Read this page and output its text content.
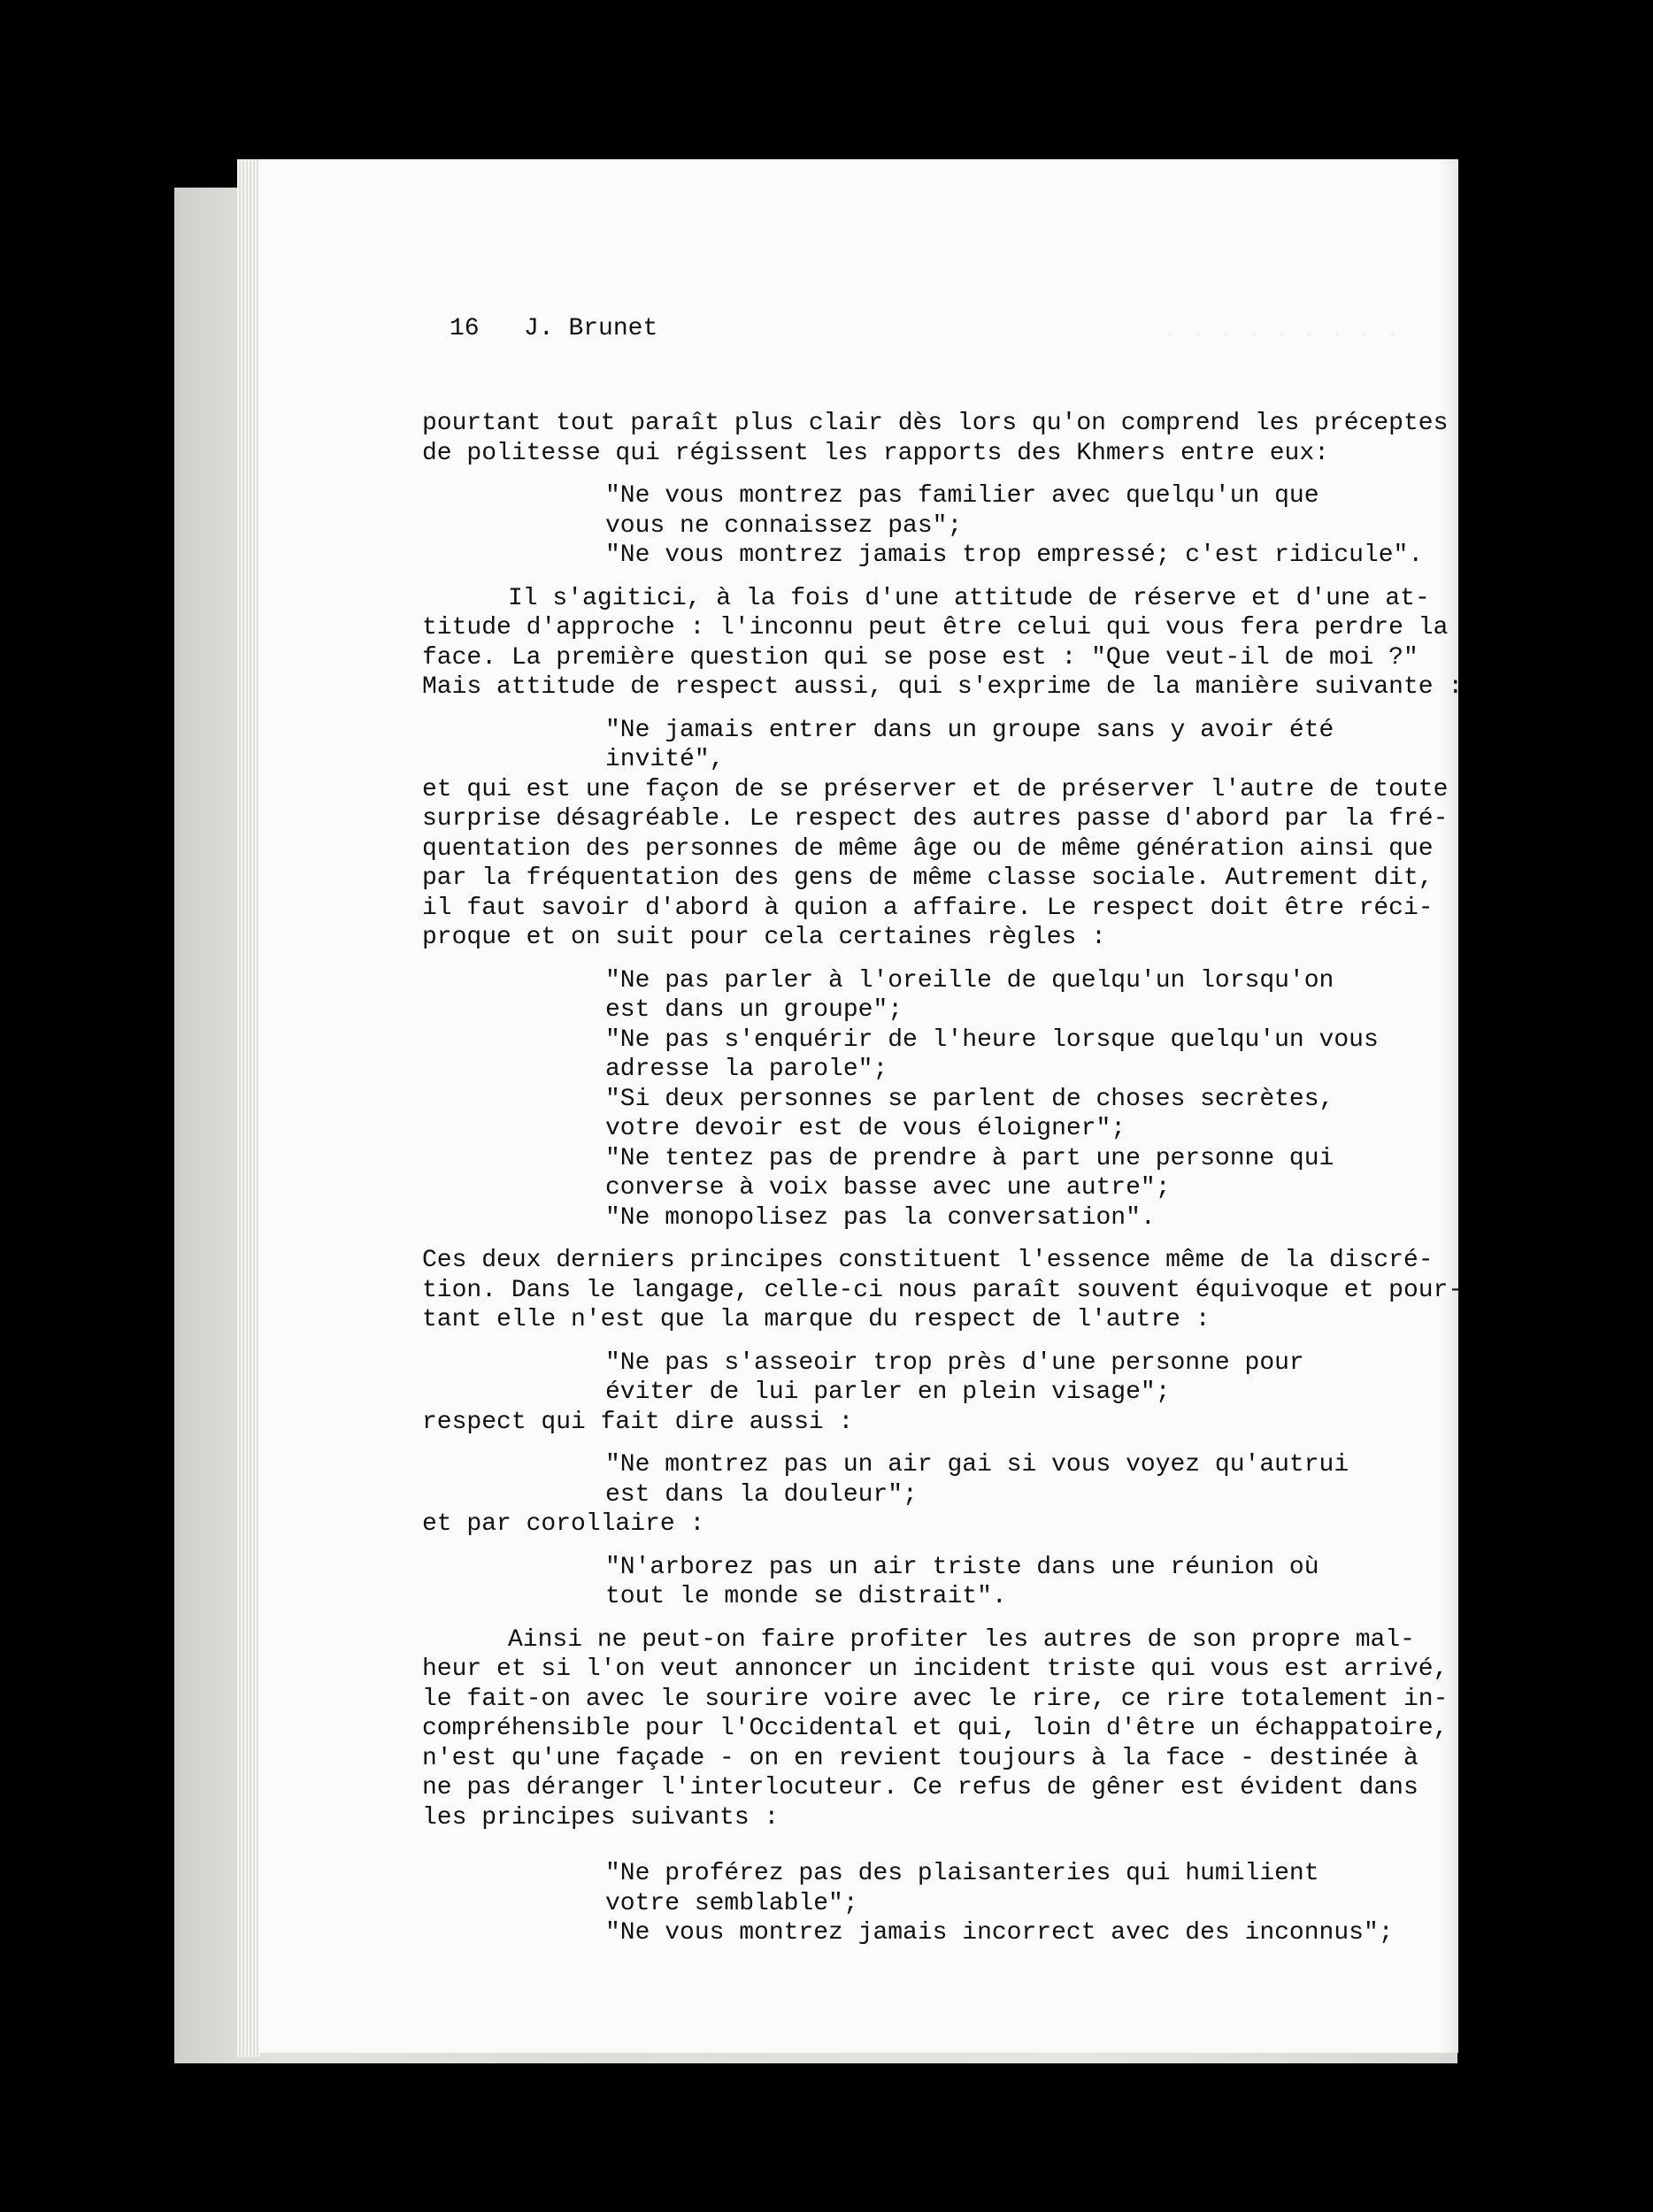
. . . . . . . . .
16 J. Brunet
pourtant tout paraît plus clair dès lors qu'on comprend les préceptes
de politesse qui régissent les rapports des Khmers entre eux:
"Ne vous montrez pas familier avec quelqu'un que
vous ne connaissez pas";
"Ne vous montrez jamais trop empressé; c'est ridicule".
Il s'agitici, à la fois d'une attitude de réserve et d'une at-
titude d'approche : l'inconnu peut être celui qui vous fera perdre la
face. La première question qui se pose est : "Que veut-il de moi ?"
Mais attitude de respect aussi, qui s'exprime de la manière suivante :
"Ne jamais entrer dans un groupe sans y avoir été
invité",
et qui est une façon de se préserver et de préserver l'autre de toute
surprise désagréable. Le respect des autres passe d'abord par la fré-
quentation des personnes de même âge ou de même génération ainsi que
par la fréquentation des gens de même classe sociale. Autrement dit,
il faut savoir d'abord à quion a affaire. Le respect doit être réci-
proque et on suit pour cela certaines règles :
"Ne pas parler à l'oreille de quelqu'un lorsqu'on
est dans un groupe";
"Ne pas s'enquérir de l'heure lorsque quelqu'un vous
adresse la parole";
"Si deux personnes se parlent de choses secrètes,
votre devoir est de vous éloigner";
"Ne tentez pas de prendre à part une personne qui
converse à voix basse avec une autre";
"Ne monopolisez pas la conversation".
Ces deux derniers principes constituent l'essence même de la discré-
tion. Dans le langage, celle-ci nous paraît souvent équivoque et pour-
tant elle n'est que la marque du respect de l'autre :
"Ne pas s'asseoir trop près d'une personne pour
éviter de lui parler en plein visage";
respect qui fait dire aussi :
"Ne montrez pas un air gai si vous voyez qu'autrui
est dans la douleur";
et par corollaire :
"N'arborez pas un air triste dans une réunion où
tout le monde se distrait".
Ainsi ne peut-on faire profiter les autres de son propre mal-
heur et si l'on veut annoncer un incident triste qui vous est arrivé,
le fait-on avec le sourire voire avec le rire, ce rire totalement in-
compréhensible pour l'Occidental et qui, loin d'être un échappatoire,
n'est qu'une façade - on en revient toujours à la face - destinée à
ne pas déranger l'interlocuteur. Ce refus de gêner est évident dans
les principes suivants :
"Ne proférez pas des plaisanteries qui humilient
votre semblable";
"Ne vous montrez jamais incorrect avec des inconnus";
